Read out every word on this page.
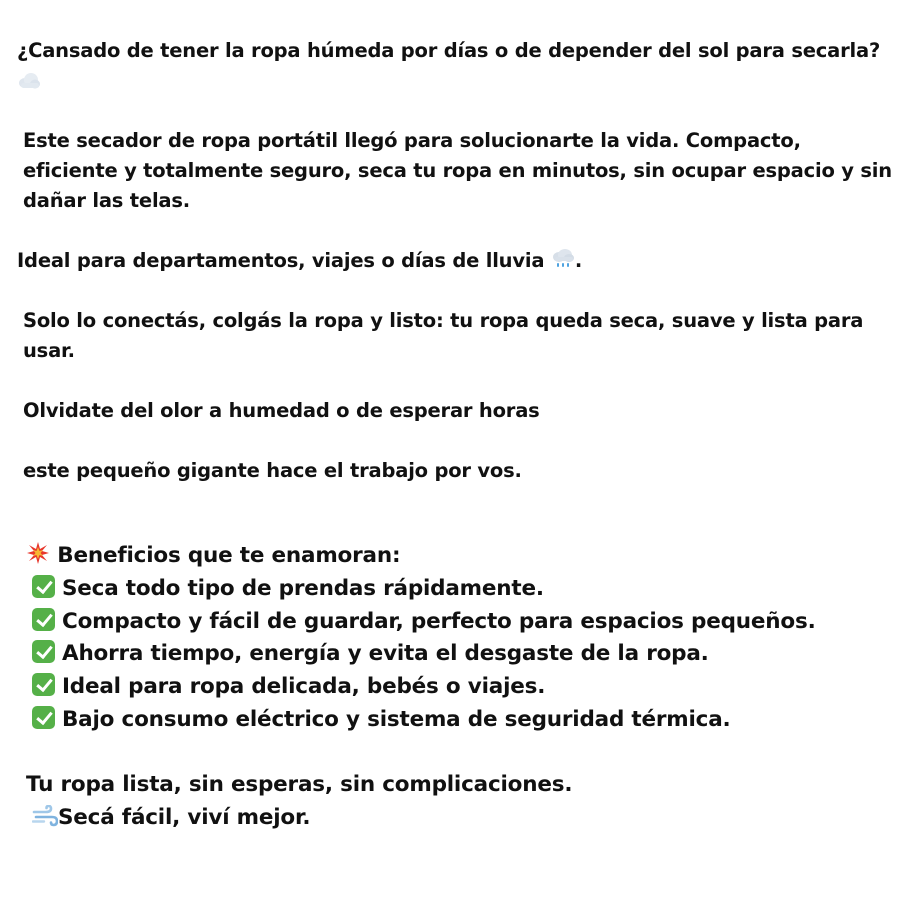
¿Cansado de tener la ropa húmeda por días o de depender del sol para secarla?

Este secador de ropa portátil llegó para solucionarte la vida. Compacto, eficiente y totalmente seguro, seca tu ropa en minutos, sin ocupar espacio y sin dañar las telas.

Ideal para departamentos, viajes o días de lluvia .

Solo lo conectás, colgás la ropa y listo: tu ropa queda seca, suave y lista para usar.

Olvidate del olor a humedad o de esperar horas

este pequeño gigante hace el trabajo por vos.

Beneficios que te enamoran:

Seca todo tipo de prendas rápidamente.

Compacto y fácil de guardar, perfecto para espacios pequeños.

Ahorra tiempo, energía y evita el desgaste de la ropa.

Ideal para ropa delicada, bebés o viajes.

Bajo consumo eléctrico y sistema de seguridad térmica.

Tu ropa lista, sin esperas, sin complicaciones.

Secá fácil, viví mejor.
